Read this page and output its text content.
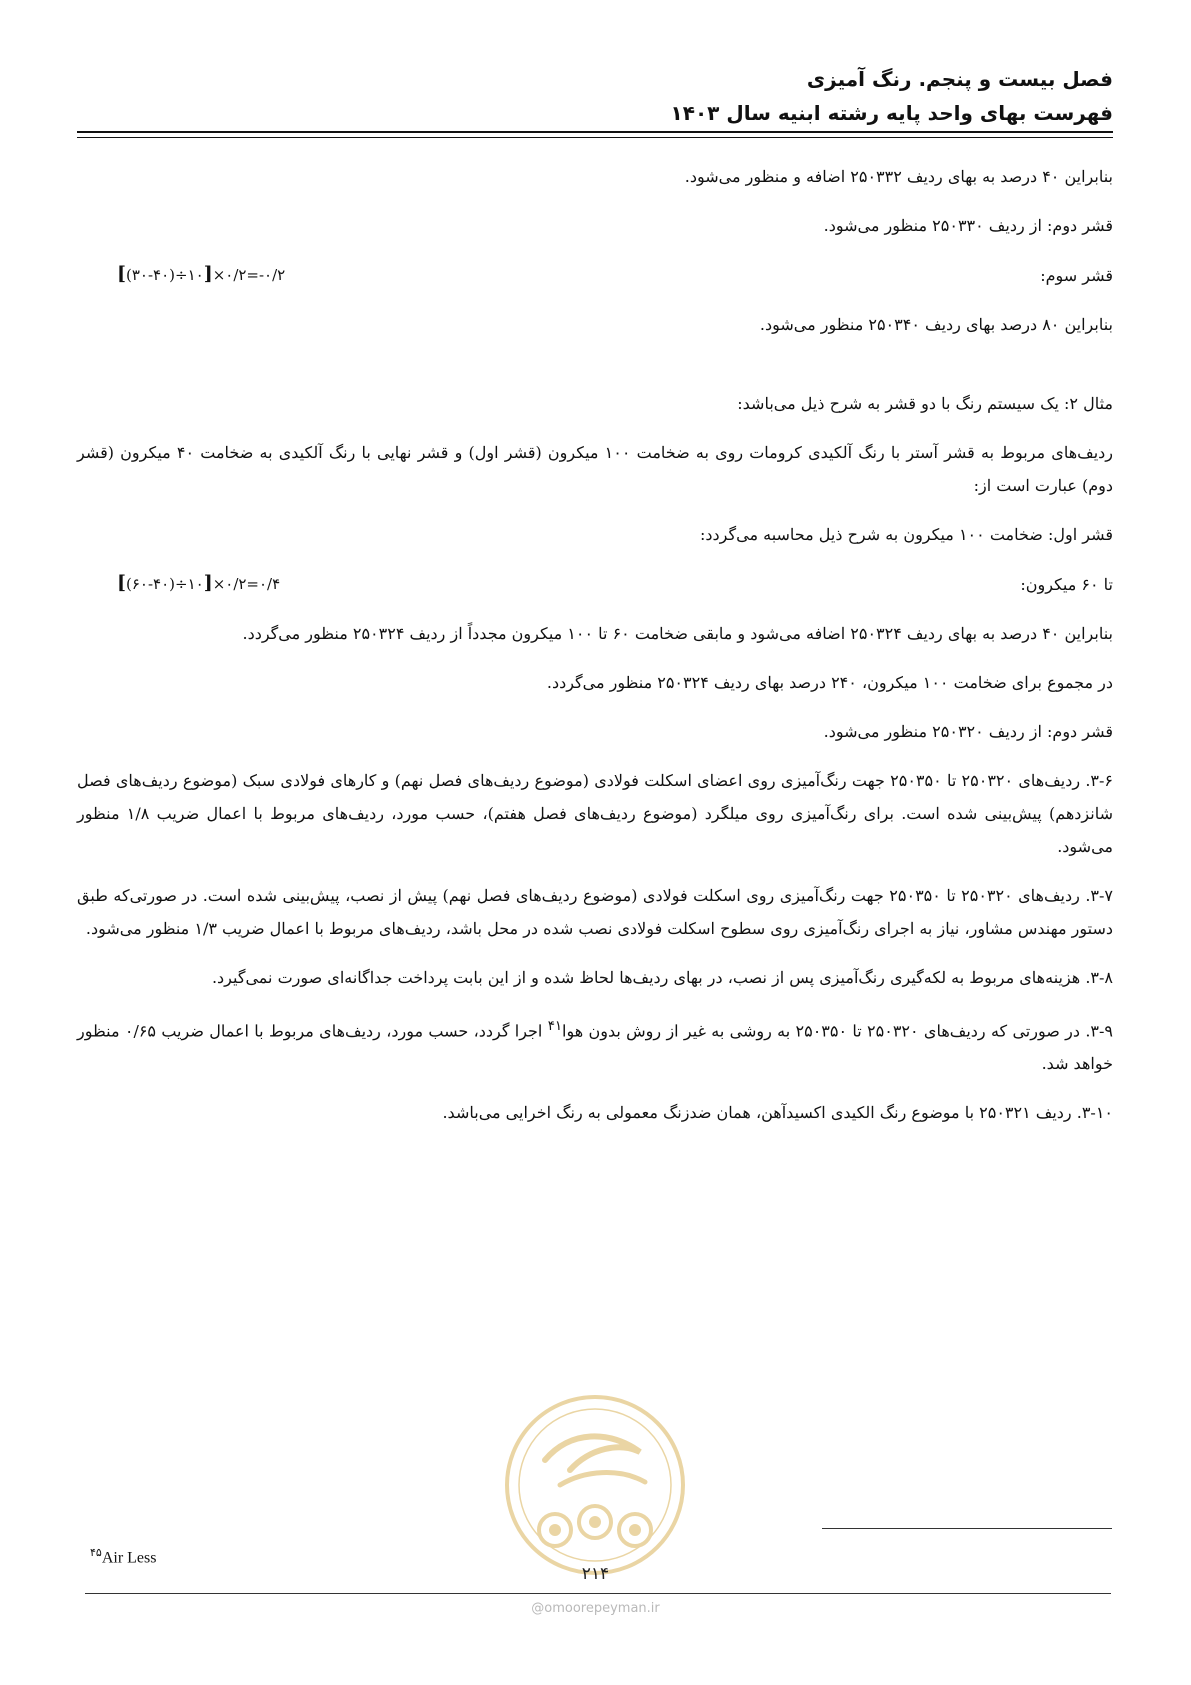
فصل بیست و پنجم. رنگ آمیزی
فهرست بهای واحد پایه رشته ابنیه سال ۱۴۰۳

بنابراین ۴۰ درصد به بهای ردیف ۲۵۰۳۳۲ اضافه و منظور می‌شود.

قشر دوم: از ردیف ۲۵۰۳۳۰ منظور می‌شود.

قشر سوم:
[(۳۰-۴۰)÷۱۰]×۰/۲=-۰/۲

بنابراین ۸۰ درصد بهای ردیف ۲۵۰۳۴۰ منظور می‌شود.

مثال ۲: یک سیستم رنگ با دو قشر به شرح ذیل می‌باشد:

ردیف‌های مربوط به قشر آستر با رنگ آلکیدی کرومات روی به ضخامت ۱۰۰ میکرون (قشر اول) و قشر نهایی با رنگ آلکیدی به ضخامت ۴۰ میکرون (قشر دوم) عبارت است از:

قشر اول: ضخامت ۱۰۰ میکرون به شرح ذیل محاسبه می‌گردد:

تا ۶۰ میکرون:
[(۶۰-۴۰)÷۱۰]×۰/۲=۰/۴

بنابراین ۴۰ درصد به بهای ردیف ۲۵۰۳۲۴ اضافه می‌شود و مابقی ضخامت ۶۰ تا ۱۰۰ میکرون مجدداً از ردیف ۲۵۰۳۲۴ منظور می‌گردد.

در مجموع برای ضخامت ۱۰۰ میکرون، ۲۴۰ درصد بهای ردیف ۲۵۰۳۲۴ منظور می‌گردد.

قشر دوم: از ردیف ۲۵۰۳۲۰ منظور می‌شود.

۳-۶. ردیف‌های ۲۵۰۳۲۰ تا ۲۵۰۳۵۰ جهت رنگ‌آمیزی روی اعضای اسکلت فولادی (موضوع ردیف‌های فصل نهم) و کارهای فولادی سبک (موضوع ردیف‌های فصل شانزدهم) پیش‌بینی شده است. برای رنگ‌آمیزی روی میلگرد (موضوع ردیف‌های فصل هفتم)، حسب مورد، ردیف‌های مربوط با اعمال ضریب ۱/۸ منظور می‌شود.

۳-۷. ردیف‌های ۲۵۰۳۲۰ تا ۲۵۰۳۵۰ جهت رنگ‌آمیزی روی اسکلت فولادی (موضوع ردیف‌های فصل نهم) پیش از نصب، پیش‌بینی شده است. در صورتی‌که طبق دستور مهندس مشاور، نیاز به اجرای رنگ‌آمیزی روی سطوح اسکلت فولادی نصب شده در محل باشد، ردیف‌های مربوط با اعمال ضریب ۱/۳ منظور می‌شود.

۳-۸. هزینه‌های مربوط به لکه‌گیری رنگ‌آمیزی پس از نصب، در بهای ردیف‌ها لحاظ شده و از این بابت پرداخت جداگانه‌ای صورت نمی‌گیرد.

۳-۹. در صورتی که ردیف‌های ۲۵۰۳۲۰ تا ۲۵۰۳۵۰ به روشی به غیر از روش بدون هوا$^{۴۱}$ اجرا گردد، حسب مورد، ردیف‌های مربوط با اعمال ضریب ۰/۶۵ منظور خواهد شد.

۳-۱۰. ردیف ۲۵۰۳۲۱ با موضوع رنگ الکیدی اکسیدآهن، همان ضدزنگ معمولی به رنگ اخرایی می‌باشد.

$^{۴۵}$Air Less
۲۱۴
@omoorepeyman.ir
